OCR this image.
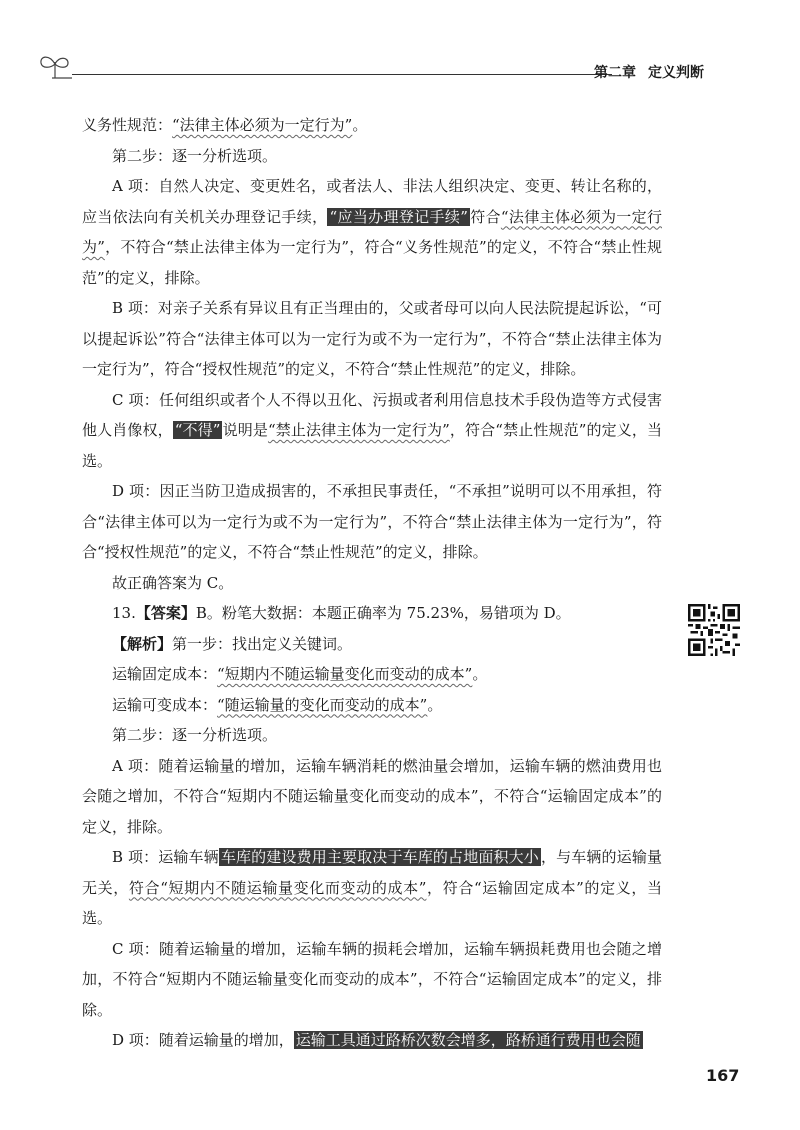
第二章 定义判断

义务性规范：“法律主体必须为一定行为”。

第二步：逐一分析选项。

A 项：自然人决定、变更姓名，或者法人、非法人组织决定、变更、转让名称的，应当依法向有关机关办理登记手续， “应当办理登记手续” 符合“法律主体必须为一定行为”，不符合“禁止法律主体为一定行为”，符合“义务性规范”的定义，不符合“禁止性规范”的定义，排除。

B 项：对亲子关系有异议且有正当理由的，父或者母可以向人民法院提起诉讼，“可以提起诉讼”符合“法律主体可以为一定行为或不为一定行为”，不符合“禁止法律主体为一定行为”，符合“授权性规范”的定义，不符合“禁止性规范”的定义，排除。

C 项：任何组织或者个人不得以丑化、污损或者利用信息技术手段伪造等方式侵害他人肖像权， “不得” 说明是“禁止法律主体为一定行为”，符合“禁止性规范”的定义，当选。

D 项：因正当防卫造成损害的，不承担民事责任，“不承担”说明可以不用承担，符合“法律主体可以为一定行为或不为一定行为”，不符合“禁止法律主体为一定行为”，符合“授权性规范”的定义，不符合“禁止性规范”的定义，排除。

故正确答案为 C。

13.【答案】B。粉笔大数据：本题正确率为 75.23%，易错项为 D。

【解析】第一步：找出定义关键词。

运输固定成本：“短期内不随运输量变化而变动的成本”。

运输可变成本：“随运输量的变化而变动的成本”。

第二步：逐一分析选项。

A 项：随着运输量的增加，运输车辆消耗的燃油量会增加，运输车辆的燃油费用也会随之增加，不符合“短期内不随运输量变化而变动的成本”，不符合“运输固定成本”的定义，排除。

B 项：运输车辆 车库的建设费用主要取决于车库的占地面积大小 ，与车辆的运输量无关，符合“短期内不随运输量变化而变动的成本”，符合“运输固定成本”的定义，当选。

C 项：随着运输量的增加，运输车辆的损耗会增加，运输车辆损耗费用也会随之增加，不符合“短期内不随运输量变化而变动的成本”，不符合“运输固定成本”的定义，排除。

D 项：随着运输量的增加， 运输工具通过路桥次数会增多，路桥通行费用也会随

167
